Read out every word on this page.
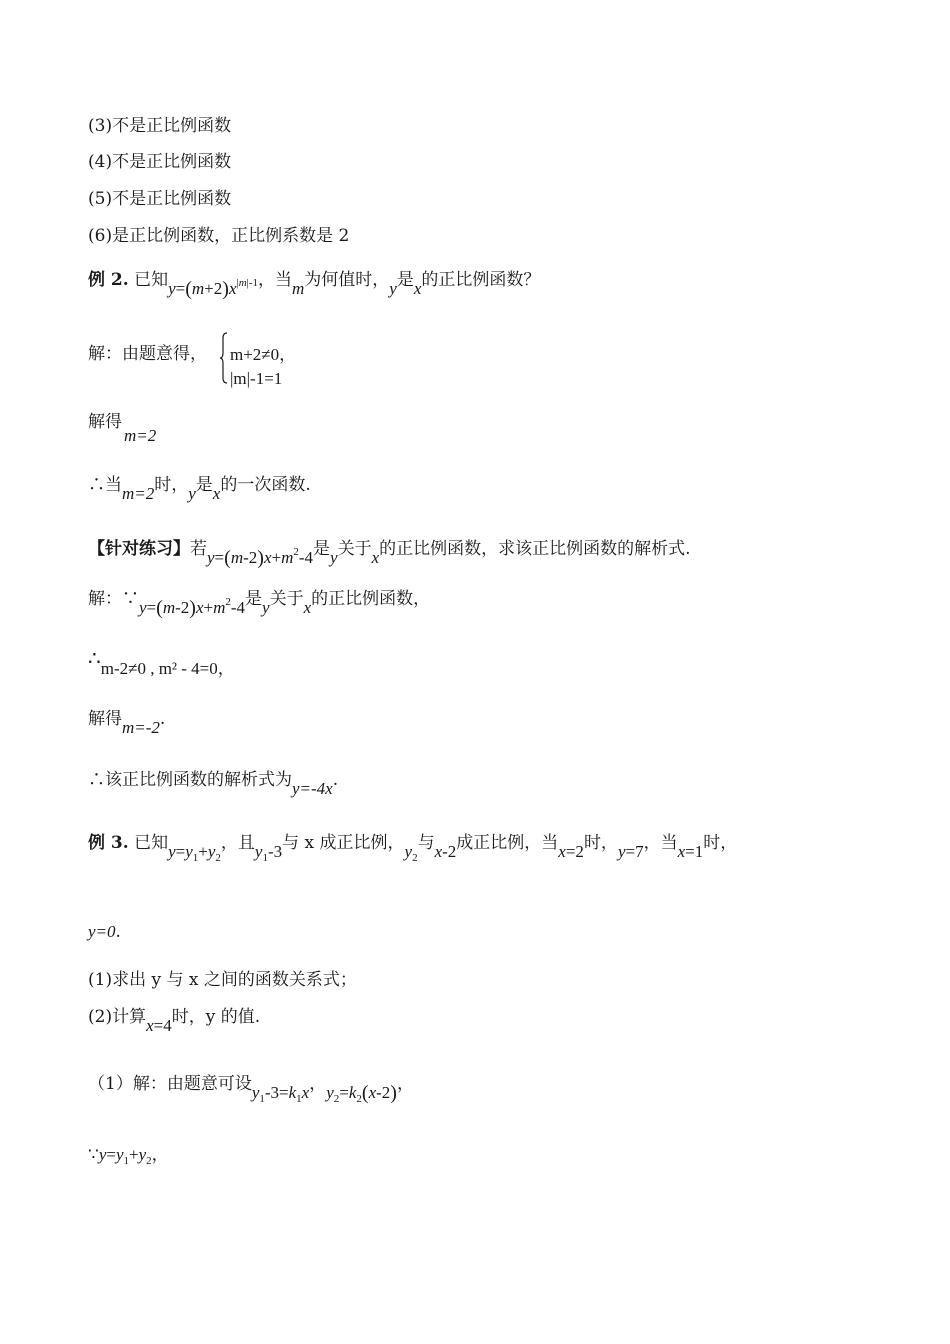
(3)不是正比例函数
(4)不是正比例函数
(5)不是正比例函数
(6)是正比例函数，正比例系数是 2
例 2. 已知$y=(m+2)x^{|m|-1}$，当m为何值时，y是x的正比例函数？
解：由题意得， m+2≠0，
|m|-1=1
解得
m=2
∴当m=2时，y是x的一次函数.
【针对练习】若$y=(m-2)x+m^2-4$是y关于x的正比例函数，求该正比例函数的解析式.
解：$\because y=(m-2)x+m^2-4$是y关于x的正比例函数，
∴m-2≠0 , m² - 4=0，
解得m=-2.
∴该正比例函数的解析式为y=-4x.
例 3. 已知$y=y_1+y_2$，且$y_1-3$与 x 成正比例，$y_2$与x-2成正比例，当x=2时，y=7，当x=1时，
y=0.
(1)求出 y 与 x 之间的函数关系式；
(2)计算x=4时，y 的值.
（1）解：由题意可设$y_1-3=k_1x$，$y_2=k_2(x-2)$，
$\because y=y_1+y_2$，
